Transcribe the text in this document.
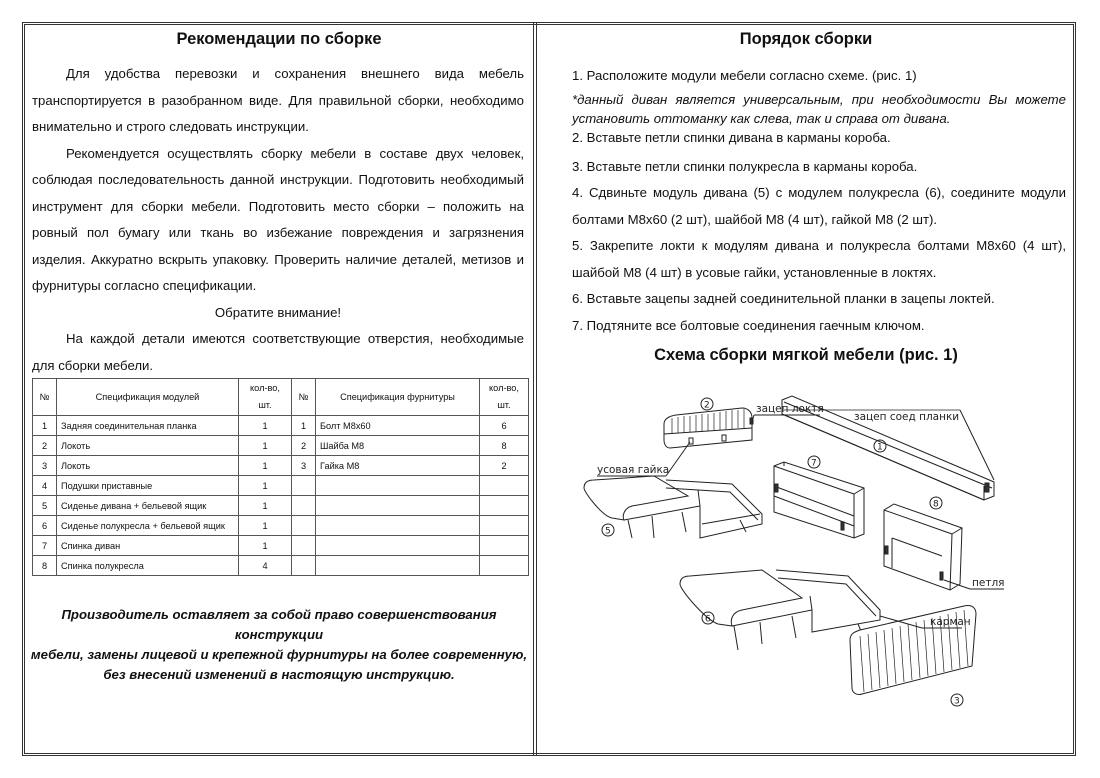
Рекомендации по сборке

Для удобства перевозки и сохранения внешнего вида мебель транспортируется в разобранном виде. Для правильной сборки, необходимо внимательно и строго следовать инструкции.

Рекомендуется осуществлять сборку мебели в составе двух человек, соблюдая последовательность данной инструкции. Подготовить необходимый инструмент для сборки мебели. Подготовить место сборки – положить на ровный пол бумагу или ткань во избежание повреждения и загрязнения изделия. Аккуратно вскрыть упаковку. Проверить наличие деталей, метизов и фурнитуры согласно спецификации.

Обратите внимание!

На каждой детали имеются соответствующие отверстия, необходимые для сборки мебели.

№	Спецификация модулей	кол-во, шт.	№	Спецификация фурнитуры	кол-во, шт.
1	Задняя соединительная планка	1	1	Болт М8х60	6
2	Локоть	1	2	Шайба М8	8
3	Локоть	1	3	Гайка М8	2
4	Подушки приставные	1			
5	Сиденье дивана + бельевой ящик	1			
6	Сиденье полукресла + бельевой ящик	1			
7	Спинка диван	1			
8	Спинка полукресла	4			
Производитель оставляет за собой право совершенствования конструкции
мебели, замены лицевой и крепежной фурнитуры на более современную,
без внесений изменений в настоящую инструкцию.
Порядок сборки

1. Расположите модули мебели согласно схеме. (рис. 1)

*данный диван является универсальным, при необходимости Вы можете установить оттоманку как слева, так и справа от дивана.

2. Вставьте петли спинки дивана в карманы короба.

3. Вставьте петли спинки полукресла в карманы короба.

4. Сдвиньте модуль дивана (5) с модулем полукресла (6), соедините модули болтами М8х60 (2 шт), шайбой М8 (4 шт), гайкой М8 (2 шт).

5. Закрепите локти к модулям дивана и полукресла болтами М8х60 (4 шт), шайбой М8 (4 шт) в усовые гайки, установленные в локтях.

6. Вставьте зацепы задней соединительной планки в зацепы локтей.

7. Подтяните все болтовые соединения гаечным ключом.

Схема сборки мягкой мебели (рис. 1)
1
2
3
5
6
7
8
зацеп локтя
зацеп соед планки
усовая гайка
петля
карман
